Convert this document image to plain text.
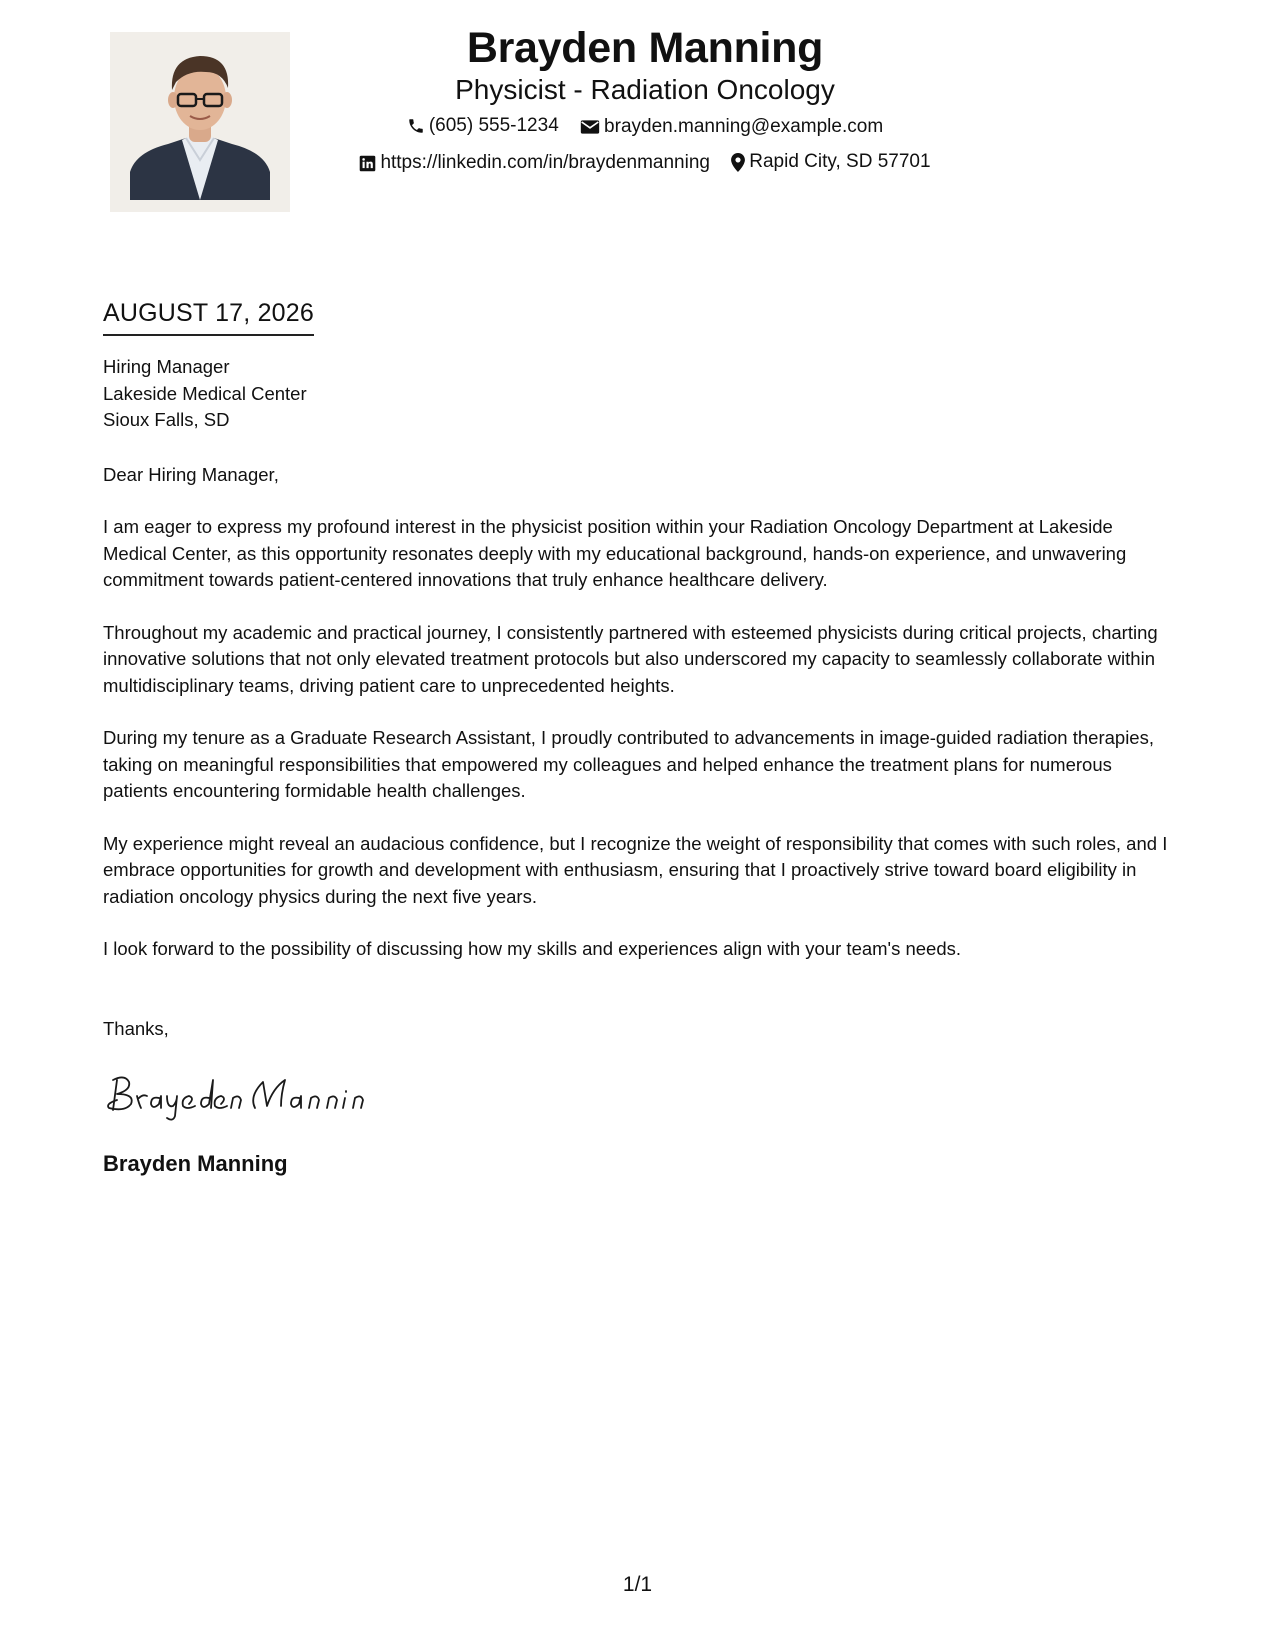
Brayden Manning
Physicist - Radiation Oncology
(605) 555-1234
brayden.manning@example.com
https://linkedin.com/in/braydenmanning
Rapid City, SD 57701
AUGUST 17, 2026
Hiring Manager
Lakeside Medical Center
Sioux Falls, SD
Dear Hiring Manager,
I am eager to express my profound interest in the physicist position within your Radiation Oncology Department at Lakeside Medical Center, as this opportunity resonates deeply with my educational background, hands-on experience, and unwavering commitment towards patient-centered innovations that truly enhance healthcare delivery.
Throughout my academic and practical journey, I consistently partnered with esteemed physicists during critical projects, charting innovative solutions that not only elevated treatment protocols but also underscored my capacity to seamlessly collaborate within multidisciplinary teams, driving patient care to unprecedented heights.
During my tenure as a Graduate Research Assistant, I proudly contributed to advancements in image-guided radiation therapies, taking on meaningful responsibilities that empowered my colleagues and helped enhance the treatment plans for numerous patients encountering formidable health challenges.
My experience might reveal an audacious confidence, but I recognize the weight of responsibility that comes with such roles, and I embrace opportunities for growth and development with enthusiasm, ensuring that I proactively strive toward board eligibility in radiation oncology physics during the next five years.
I look forward to the possibility of discussing how my skills and experiences align with your team's needs.
Thanks,
Brayden Manning
1/1
